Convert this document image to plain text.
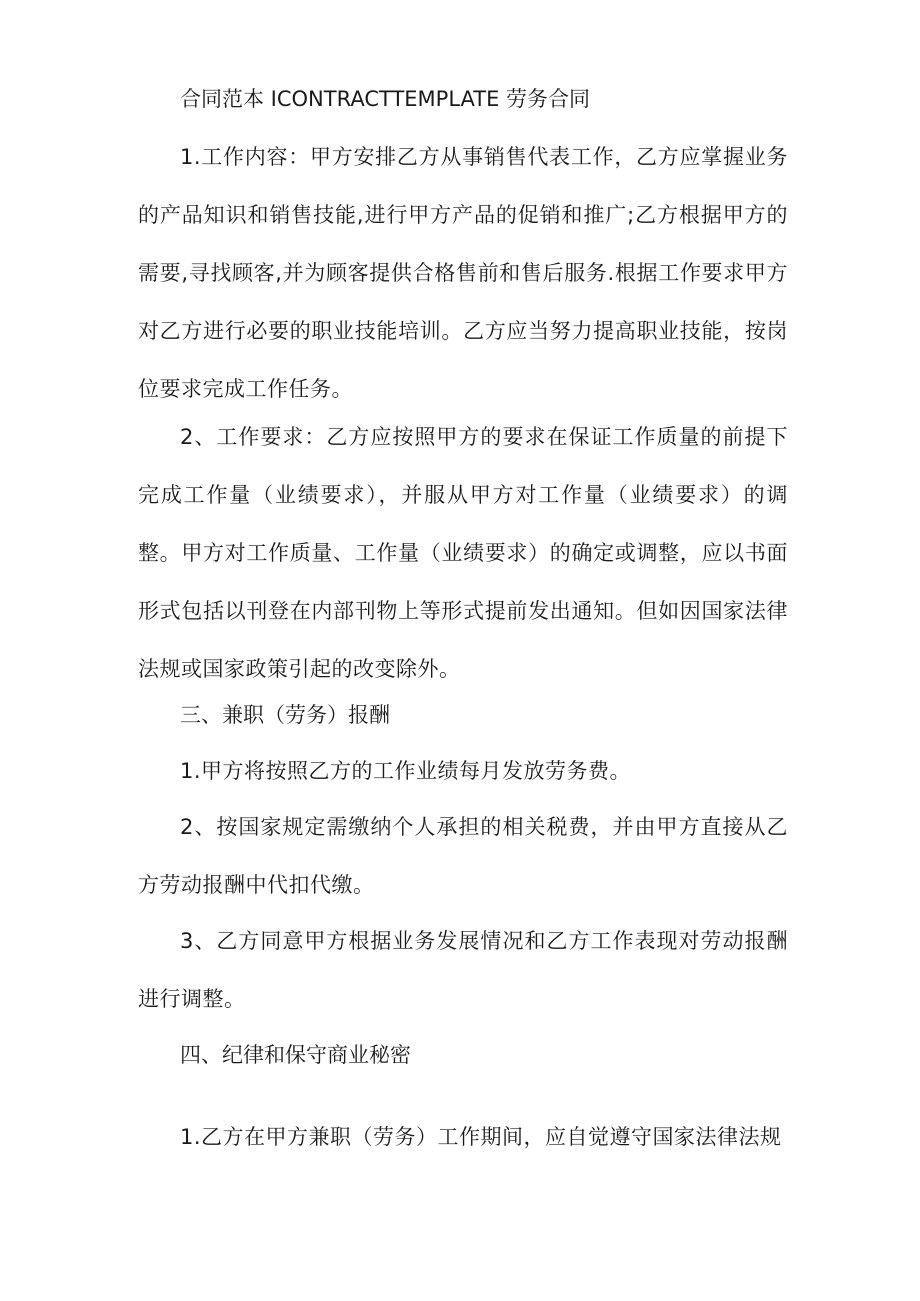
合同范本 ICONTRACTTEMPLATE 劳务合同

1.工作内容：甲方安排乙方从事销售代表工作，乙方应掌握业务的产品知识和销售技能,进行甲方产品的促销和推广;乙方根据甲方的需要,寻找顾客,并为顾客提供合格售前和售后服务.根据工作要求甲方对乙方进行必要的职业技能培训。乙方应当努力提高职业技能，按岗位要求完成工作任务。

2、工作要求：乙方应按照甲方的要求在保证工作质量的前提下完成工作量（业绩要求），并服从甲方对工作量（业绩要求）的调整。甲方对工作质量、工作量（业绩要求）的确定或调整，应以书面形式包括以刊登在内部刊物上等形式提前发出通知。但如因国家法律法规或国家政策引起的改变除外。

三、兼职（劳务）报酬

1.甲方将按照乙方的工作业绩每月发放劳务费。

2、按国家规定需缴纳个人承担的相关税费，并由甲方直接从乙方劳动报酬中代扣代缴。

3、乙方同意甲方根据业务发展情况和乙方工作表现对劳动报酬进行调整。

四、纪律和保守商业秘密

1.乙方在甲方兼职（劳务）工作期间，应自觉遵守国家法律法规
